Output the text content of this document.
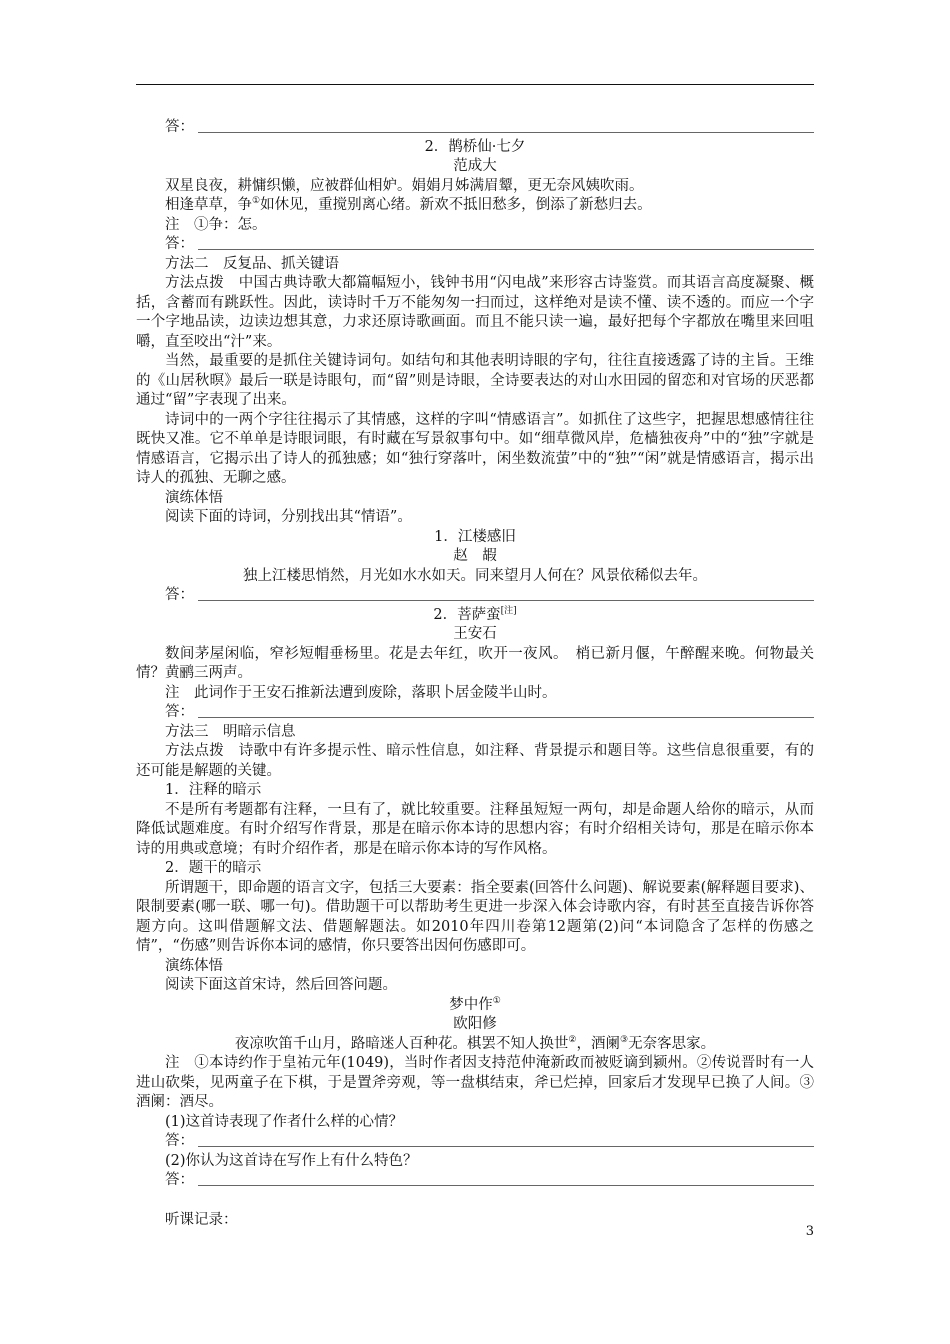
答：

2．鹊桥仙·七夕

范成大

双星良夜，耕慵织懒，应被群仙相妒。娟娟月姊满眉颦，更无奈风姨吹雨。

相逢草草，争①如休见，重搅别离心绪。新欢不抵旧愁多，倒添了新愁归去。

注　①争：怎。

答：

方法二　反复品、抓关键语

方法点拨　中国古典诗歌大都篇幅短小，钱钟书用“闪电战”来形容古诗鉴赏。而其语言高度凝聚、概括，含蓄而有跳跃性。因此，读诗时千万不能匆匆一扫而过，这样绝对是读不懂、读不透的。而应一个字一个字地品读，边读边想其意，力求还原诗歌画面。而且不能只读一遍，最好把每个字都放在嘴里来回咀嚼，直至咬出“汁”来。

当然，最重要的是抓住关键诗词句。如结句和其他表明诗眼的字句，往往直接透露了诗的主旨。王维的《山居秋暝》最后一联是诗眼句，而“留”则是诗眼，全诗要表达的对山水田园的留恋和对官场的厌恶都通过“留”字表现了出来。

诗词中的一两个字往往揭示了其情感，这样的字叫“情感语言”。如抓住了这些字，把握思想感情往往既快又准。它不单单是诗眼词眼，有时藏在写景叙事句中。如“细草微风岸，危樯独夜舟”中的“独”字就是情感语言，它揭示出了诗人的孤独感；如“独行穿落叶，闲坐数流萤”中的“独”“闲”就是情感语言，揭示出诗人的孤独、无聊之感。

演练体悟

阅读下面的诗词，分别找出其“情语”。

1．江楼感旧

赵　嘏

独上江楼思悄然，月光如水水如天。同来望月人何在？风景依稀似去年。

答：

2．菩萨蛮[注]

王安石

数间茅屋闲临，窄衫短帽垂杨里。花是去年红，吹开一夜风。　梢已新月偃，午醉醒来晚。何物最关情？黄鹂三两声。

注　此词作于王安石推新法遭到废除，落职卜居金陵半山时。

答：

方法三　明暗示信息

方法点拨　诗歌中有许多提示性、暗示性信息，如注释、背景提示和题目等。这些信息很重要，有的还可能是解题的关键。

1．注释的暗示

不是所有考题都有注释，一旦有了，就比较重要。注释虽短短一两句，却是命题人给你的暗示，从而降低试题难度。有时介绍写作背景，那是在暗示你本诗的思想内容；有时介绍相关诗句，那是在暗示你本诗的用典或意境；有时介绍作者，那是在暗示你本诗的写作风格。

2．题干的暗示

所谓题干，即命题的语言文字，包括三大要素：指全要素(回答什么问题)、解说要素(解释题目要求)、限制要素(哪一联、哪一句)。借助题干可以帮助考生更进一步深入体会诗歌内容，有时甚至直接告诉你答题方向。这叫借题解文法、借题解题法。如2010年四川卷第12题第(2)问“本词隐含了怎样的伤感之情”，“伤感”则告诉你本词的感情，你只要答出因何伤感即可。

演练体悟

阅读下面这首宋诗，然后回答问题。

梦中作①

欧阳修

夜凉吹笛千山月，路暗迷人百种花。棋罢不知人换世②，酒阑③无奈客思家。

注　①本诗约作于皇祐元年(1049)，当时作者因支持范仲淹新政而被贬谪到颍州。②传说晋时有一人进山砍柴，见两童子在下棋，于是置斧旁观，等一盘棋结束，斧已烂掉，回家后才发现早已换了人间。③酒阑：酒尽。

(1)这首诗表现了作者什么样的心情？

答：

(2)你认为这首诗在写作上有什么特色？

答：

听课记录：

3
